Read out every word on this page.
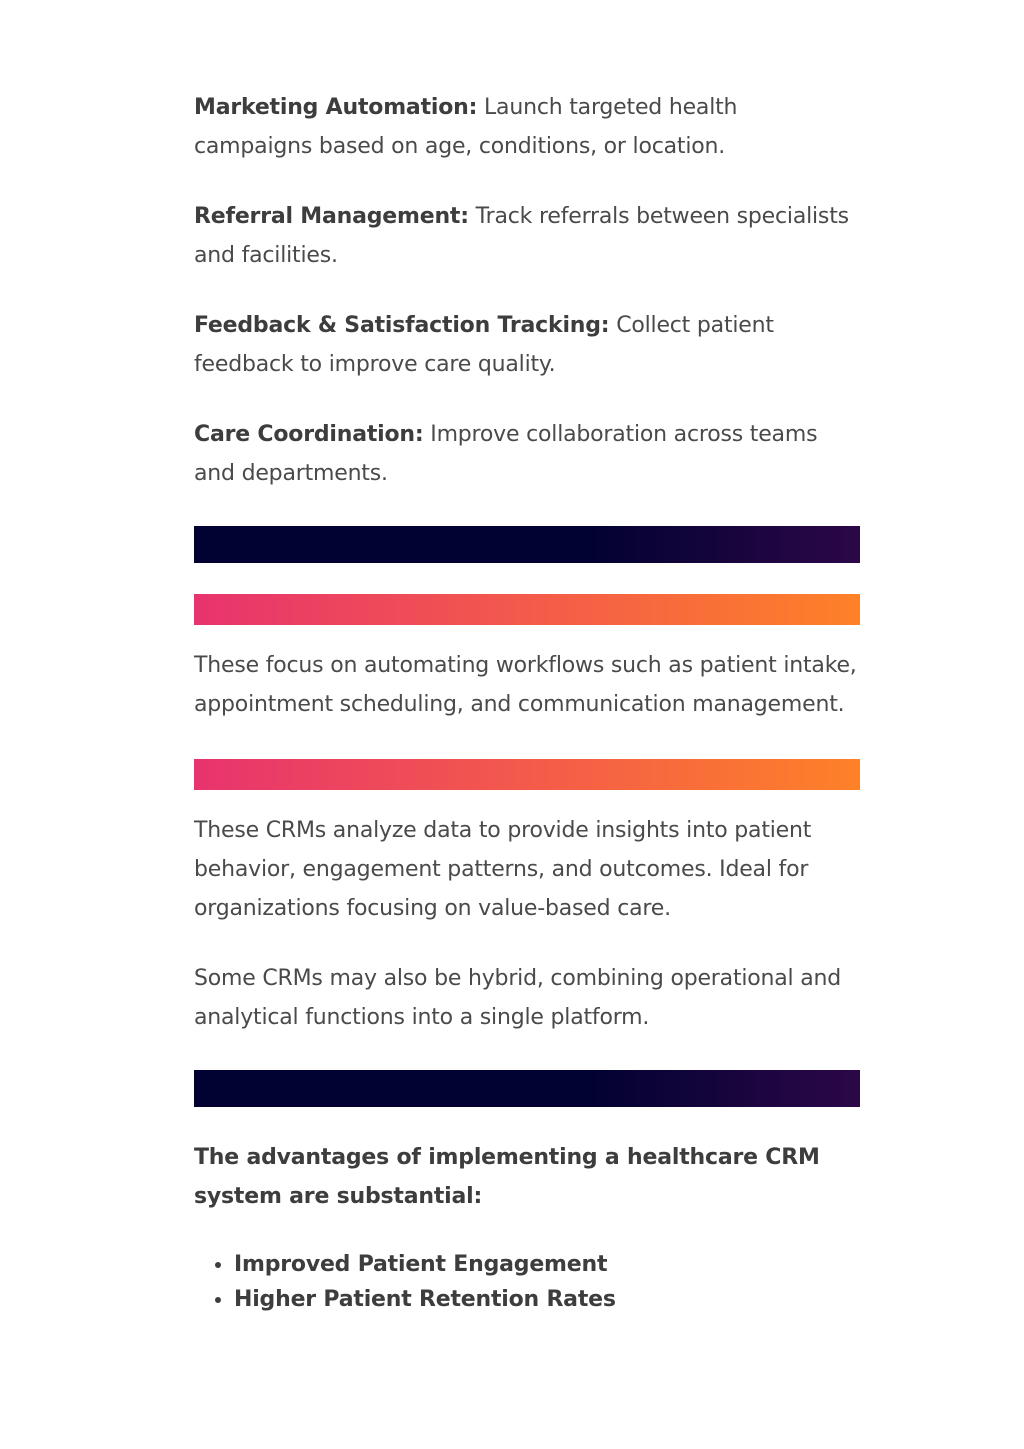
Marketing Automation: Launch targeted health campaigns based on age, conditions, or location.

Referral Management: Track referrals between specialists and facilities.

Feedback & Satisfaction Tracking: Collect patient feedback to improve care quality.

Care Coordination: Improve collaboration across teams and departments.

These focus on automating workflows such as patient intake, appointment scheduling, and communication management.

These CRMs analyze data to provide insights into patient behavior, engagement patterns, and outcomes. Ideal for organizations focusing on value-based care.

Some CRMs may also be hybrid, combining operational and analytical functions into a single platform.

The advantages of implementing a healthcare CRM system are substantial:

• Improved Patient Engagement
• Higher Patient Retention Rates
